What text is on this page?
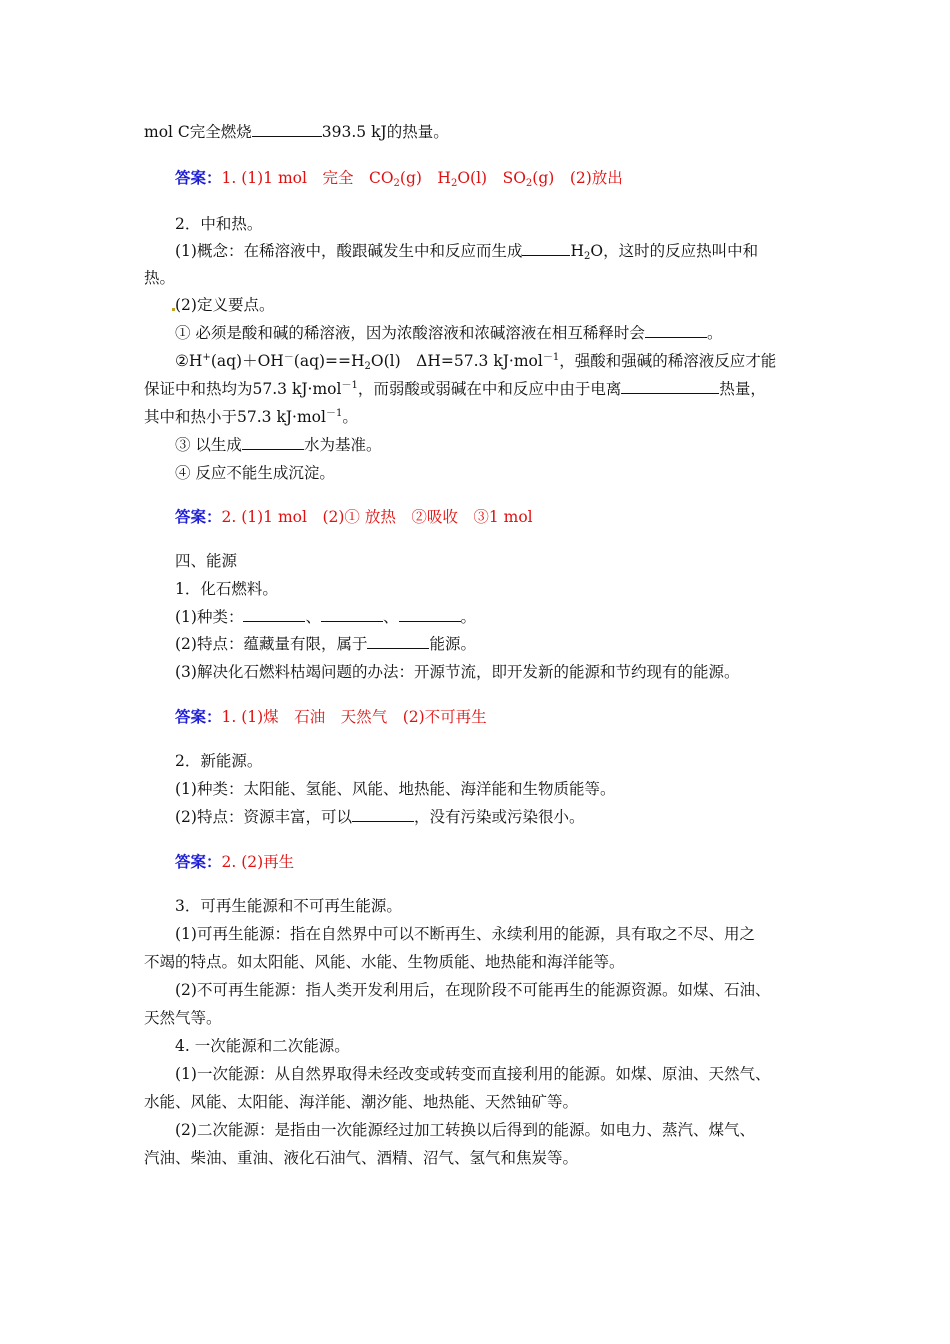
mol C完全燃烧	393.5 kJ的热量。
答案：1. (1)1 mol　完全　$CO_2(g)$　$H_2O(l)$　$SO_2(g)$　(2)放出
2．中和热。
(1)概念：在稀溶液中，酸跟碱发生中和反应而生成	$H_2O$，这时的反应热叫中和
热。
(2)定义要点。
① 必须是酸和碱的稀溶液，因为浓酸溶液和浓碱溶液在相互稀释时会	。
$②H^+(aq)+OH^-(aq)==H_2O(l)$　ΔH=57.3 kJ·mol$^{-1}$，强酸和强碱的稀溶液反应才能
保证中和热均为57.3 kJ·mol$^{-1}$，而弱酸或弱碱在中和反应中由于电离	热量，
其中和热小于57.3 kJ·mol$^{-1}$。
③ 以生成	水为基准。
④ 反应不能生成沉淀。
答案：2. (1)1 mol　(2)① 放热　②吸收　③1 mol
四、能源
1．化石燃料。
(1)种类：	、	、	。
(2)特点：蕴藏量有限，属于	能源。
(3)解决化石燃料枯竭问题的办法：开源节流，即开发新的能源和节约现有的能源。
答案：1. (1)煤　石油　天然气　(2)不可再生
2．新能源。
(1)种类：太阳能、氢能、风能、地热能、海洋能和生物质能等。
(2)特点：资源丰富，可以	，没有污染或污染很小。
答案：2. (2)再生
3．可再生能源和不可再生能源。
(1)可再生能源：指在自然界中可以不断再生、永续利用的能源，具有取之不尽、用之
不竭的特点。如太阳能、风能、水能、生物质能、地热能和海洋能等。
(2)不可再生能源：指人类开发利用后，在现阶段不可能再生的能源资源。如煤、石油、
天然气等。
4. 一次能源和二次能源。
(1)一次能源：从自然界取得未经改变或转变而直接利用的能源。如煤、原油、天然气、
水能、风能、太阳能、海洋能、潮汐能、地热能、天然铀矿等。
(2)二次能源：是指由一次能源经过加工转换以后得到的能源。如电力、蒸汽、煤气、
汽油、柴油、重油、液化石油气、酒精、沼气、氢气和焦炭等。
